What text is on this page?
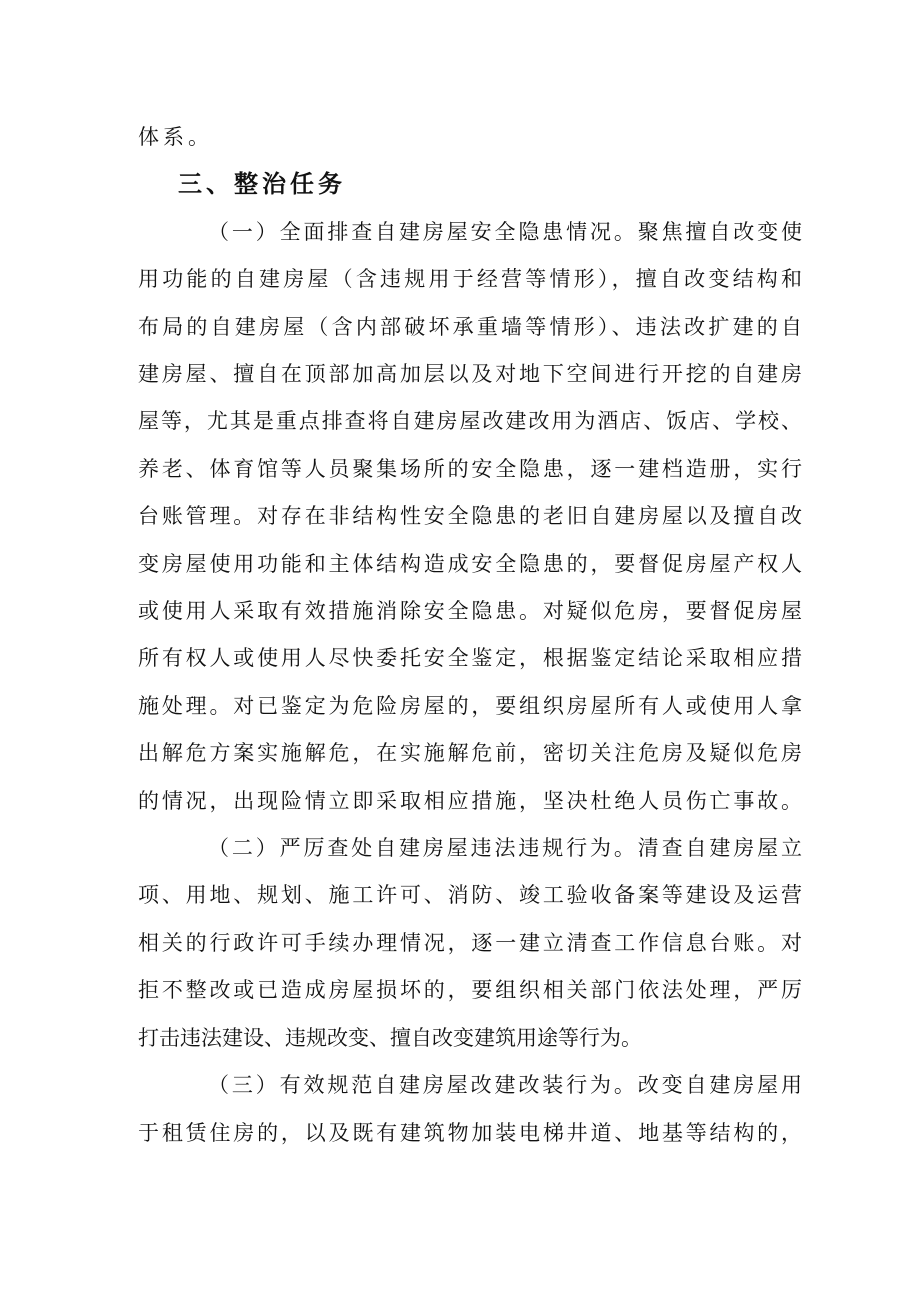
体系。
三、整治任务
（一）全面排查自建房屋安全隐患情况。聚焦擅自改变使
用功能的自建房屋（含违规用于经营等情形），擅自改变结构和
布局的自建房屋（含内部破坏承重墙等情形）、违法改扩建的自
建房屋、擅自在顶部加高加层以及对地下空间进行开挖的自建房
屋等，尤其是重点排查将自建房屋改建改用为酒店、饭店、学校、
养老、体育馆等人员聚集场所的安全隐患，逐一建档造册，实行
台账管理。对存在非结构性安全隐患的老旧自建房屋以及擅自改
变房屋使用功能和主体结构造成安全隐患的，要督促房屋产权人
或使用人采取有效措施消除安全隐患。对疑似危房，要督促房屋
所有权人或使用人尽快委托安全鉴定，根据鉴定结论采取相应措
施处理。对已鉴定为危险房屋的，要组织房屋所有人或使用人拿
出解危方案实施解危，在实施解危前，密切关注危房及疑似危房
的情况，出现险情立即采取相应措施，坚决杜绝人员伤亡事故。
（二）严厉查处自建房屋违法违规行为。清查自建房屋立
项、用地、规划、施工许可、消防、竣工验收备案等建设及运营
相关的行政许可手续办理情况，逐一建立清查工作信息台账。对
拒不整改或已造成房屋损坏的，要组织相关部门依法处理，严厉
打击违法建设、违规改变、擅自改变建筑用途等行为。
（三）有效规范自建房屋改建改装行为。改变自建房屋用
于租赁住房的，以及既有建筑物加装电梯井道、地基等结构的，
